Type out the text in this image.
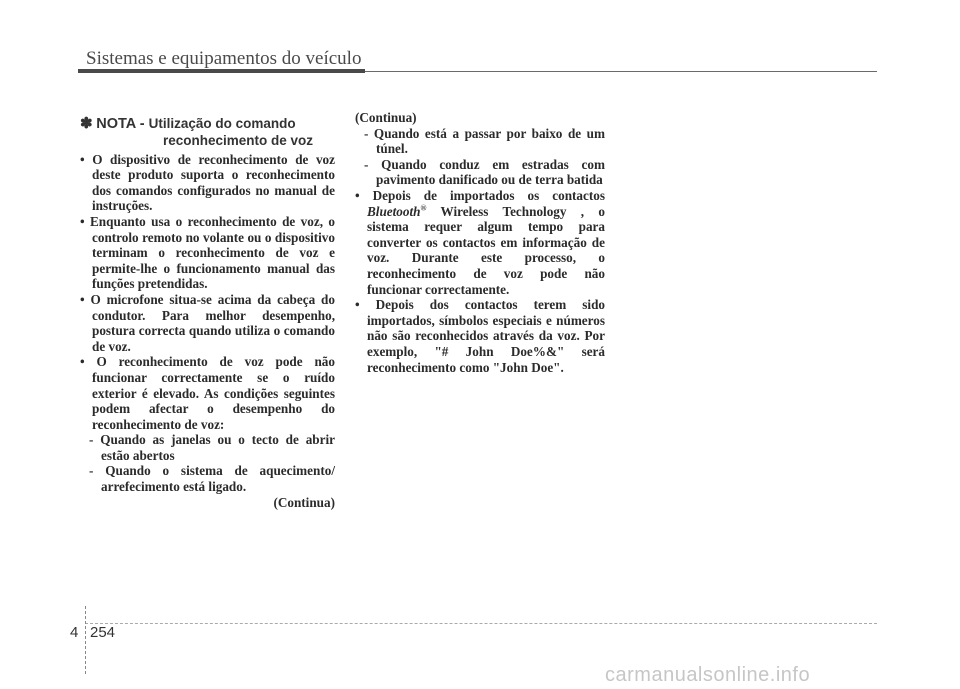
Sistemas e equipamentos do veículo
✽ NOTA - Utilização do comando
reconhecimento de voz
• O dispositivo de reconhecimento de voz deste produto suporta o reconhecimento dos comandos configurados no manual de instruções.
• Enquanto usa o reconhecimento de voz, o controlo remoto no volante ou o dispositivo terminam o reconhecimento de voz e permite-lhe o funcionamento manual das funções pretendidas.
• O microfone situa-se acima da cabeça do condutor. Para melhor desempenho, postura correcta quando utiliza o comando de voz.
• O reconhecimento de voz pode não funcionar correctamente se o ruído exterior é elevado. As condições seguintes podem afectar o desempenho do reconhecimento de voz:
- Quando as janelas ou o tecto de abrir estão abertos
- Quando o sistema de aquecimento/ arrefecimento está ligado.
(Continua)
(Continua)
- Quando está a passar por baixo de um túnel.
- Quando conduz em estradas com pavimento danificado ou de terra batida
• Depois de importados os contactos Bluetooth® Wireless Technology , o sistema requer algum tempo para converter os contactos em informação de voz. Durante este processo, o reconhecimento de voz pode não funcionar correctamente.
• Depois dos contactos terem sido importados, símbolos especiais e números não são reconhecidos através da voz. Por exemplo, "# John Doe%&" será reconhecimento como "John Doe".
4 254
carmanualsonline.info
